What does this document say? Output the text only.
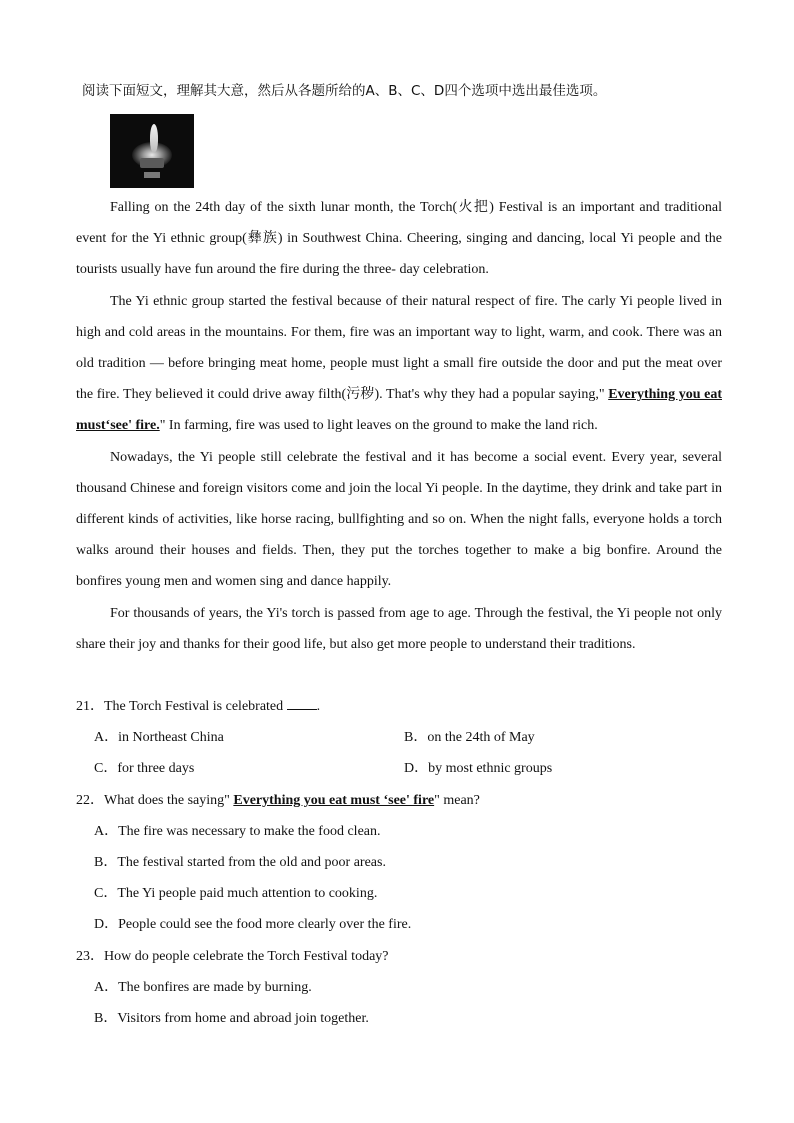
阅读下面短文，理解其大意，然后从各题所给的A、B、C、D四个选项中选出最佳选项。

Falling on the 24th day of the sixth lunar month, the Torch(火把) Festival is an important and traditional event for the Yi ethnic group(彝族) in Southwest China. Cheering, singing and dancing, local Yi people and the tourists usually have fun around the fire during the three- day celebration.

The Yi ethnic group started the festival because of their natural respect of fire. The carly Yi people lived in high and cold areas in the mountains. For them, fire was an important way to light, warm, and cook. There was an old tradition — before bringing meat home, people must light a small fire outside the door and put the meat over the fire. They believed it could drive away filth(污秽). That's why they had a popular saying," Everything you eat must‘see' fire." In farming, fire was used to light leaves on the ground to make the land rich.

Nowadays, the Yi people still celebrate the festival and it has become a social event. Every year, several thousand Chinese and foreign visitors come and join the local Yi people. In the daytime, they drink and take part in different kinds of activities, like horse racing, bullfighting and so on. When the night falls, everyone holds a torch walks around their houses and fields. Then, they put the torches together to make a big bonfire. Around the bonfires young men and women sing and dance happily.

For thousands of years, the Yi's torch is passed from age to age. Through the festival, the Yi people not only share their joy and thanks for their good life, but also get more people to understand their traditions.

21．The Torch Festival is celebrated .
A．in Northeast China	B．on the 24th of May
C．for three days	D．by most ethnic groups
22．What does the saying" Everything you eat must ‘see' fire" mean?
A．The fire was necessary to make the food clean.
B．The festival started from the old and poor areas.
C．The Yi people paid much attention to cooking.
D．People could see the food more clearly over the fire.
23．How do people celebrate the Torch Festival today?
A．The bonfires are made by burning.
B．Visitors from home and abroad join together.
